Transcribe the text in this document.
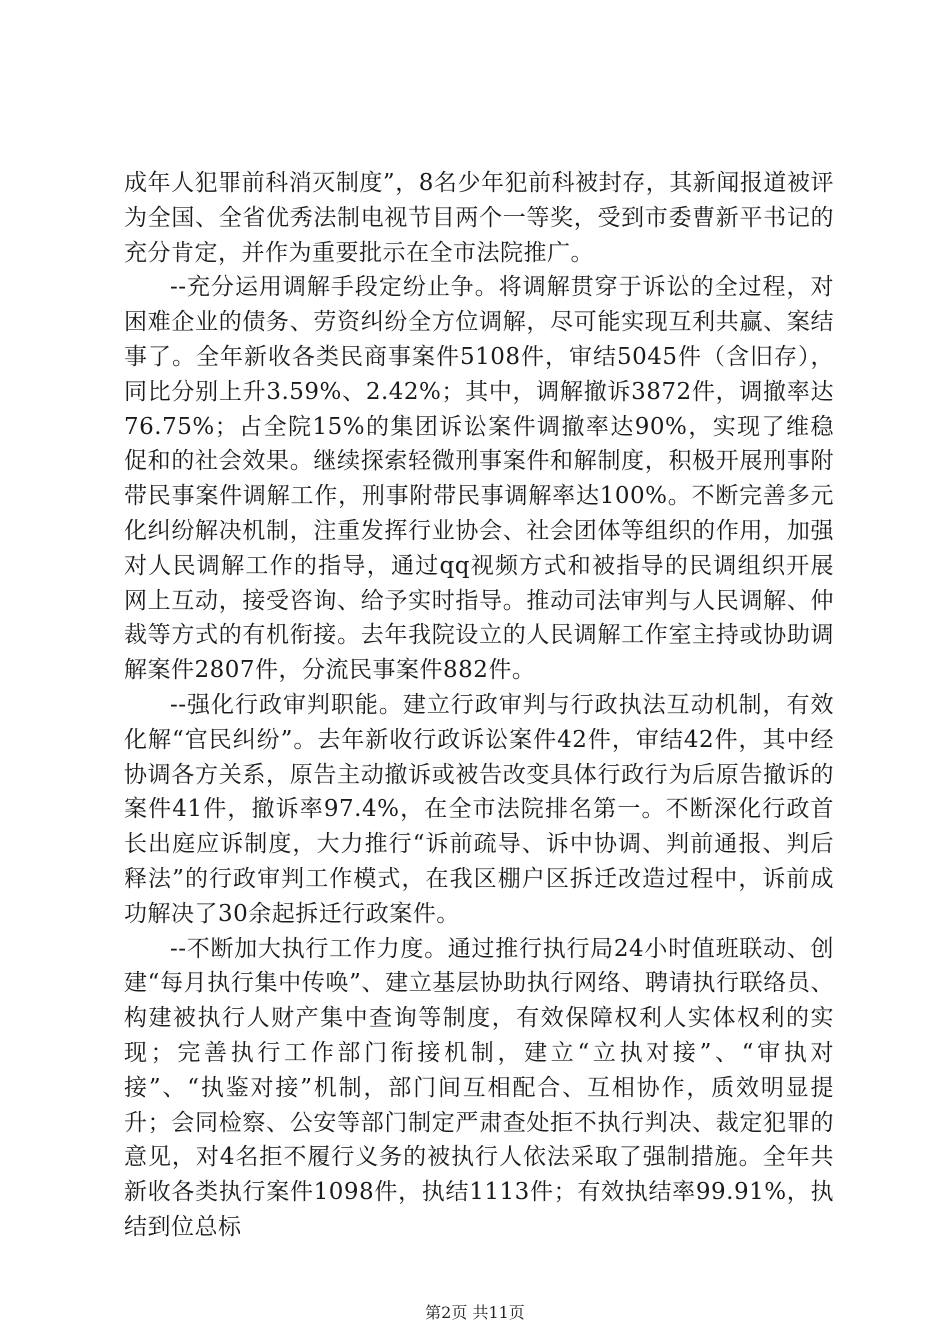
成年人犯罪前科消灭制度”，8名少年犯前科被封存，其新闻报道被评为全国、全省优秀法制电视节目两个一等奖，受到市委曹新平书记的充分肯定，并作为重要批示在全市法院推广。

--充分运用调解手段定纷止争。将调解贯穿于诉讼的全过程，对困难企业的债务、劳资纠纷全方位调解，尽可能实现互利共赢、案结事了。全年新收各类民商事案件5108件，审结5045件（含旧存），同比分别上升3.59%、2.42%；其中，调解撤诉3872件，调撤率达76.75%；占全院15%的集团诉讼案件调撤率达90%，实现了维稳促和的社会效果。继续探索轻微刑事案件和解制度，积极开展刑事附带民事案件调解工作，刑事附带民事调解率达100%。不断完善多元化纠纷解决机制，注重发挥行业协会、社会团体等组织的作用，加强对人民调解工作的指导，通过qq视频方式和被指导的民调组织开展网上互动，接受咨询、给予实时指导。推动司法审判与人民调解、仲裁等方式的有机衔接。去年我院设立的人民调解工作室主持或协助调解案件2807件，分流民事案件882件。

--强化行政审判职能。建立行政审判与行政执法互动机制，有效化解“官民纠纷”。去年新收行政诉讼案件42件，审结42件，其中经协调各方关系，原告主动撤诉或被告改变具体行政行为后原告撤诉的案件41件，撤诉率97.4%，在全市法院排名第一。不断深化行政首长出庭应诉制度，大力推行“诉前疏导、诉中协调、判前通报、判后释法”的行政审判工作模式，在我区棚户区拆迁改造过程中，诉前成功解决了30余起拆迁行政案件。

--不断加大执行工作力度。通过推行执行局24小时值班联动、创建“每月执行集中传唤”、建立基层协助执行网络、聘请执行联络员、构建被执行人财产集中查询等制度，有效保障权利人实体权利的实现；完善执行工作部门衔接机制，建立“立执对接”、“审执对接”、“执鉴对接”机制，部门间互相配合、互相协作，质效明显提升；会同检察、公安等部门制定严肃查处拒不执行判决、裁定犯罪的意见，对4名拒不履行义务的被执行人依法采取了强制措施。全年共新收各类执行案件1098件，执结1113件；有效执结率99.91%，执结到位总标

第2页 共11页
